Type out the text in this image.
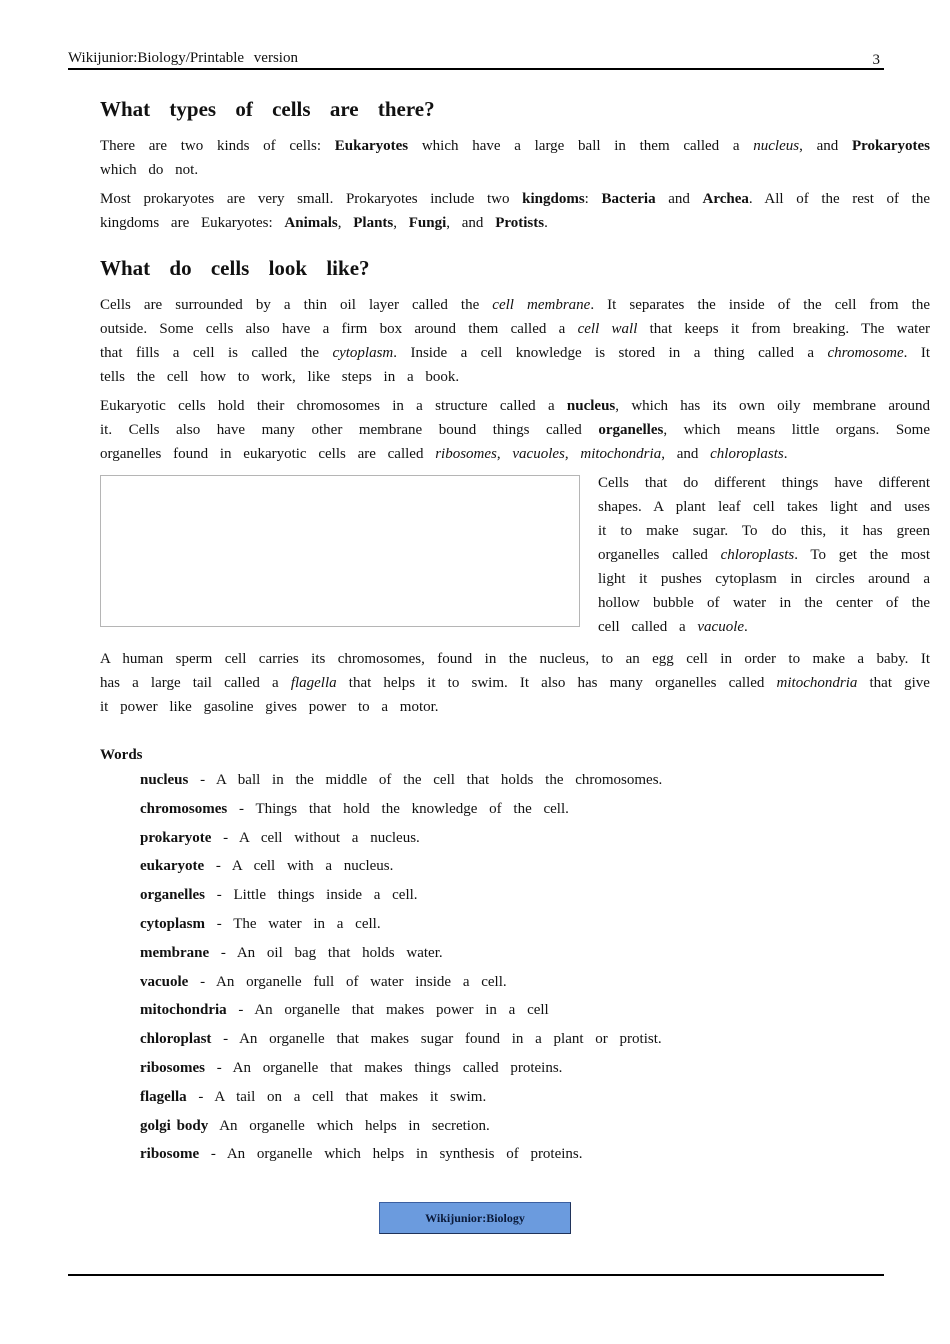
Wikijunior:Biology/Printable version	3
What types of cells are there?

There are two kinds of cells: Eukaryotes which have a large ball in them called a nucleus, and Prokaryotes which do not.

Most prokaryotes are very small. Prokaryotes include two kingdoms: Bacteria and Archea. All of the rest of the kingdoms are Eukaryotes: Animals, Plants, Fungi, and Protists.

What do cells look like?

Cells are surrounded by a thin oil layer called the cell membrane. It separates the inside of the cell from the outside. Some cells also have a firm box around them called a cell wall that keeps it from breaking. The water that fills a cell is called the cytoplasm. Inside a cell knowledge is stored in a thing called a chromosome. It tells the cell how to work, like steps in a book.

Eukaryotic cells hold their chromosomes in a structure called a nucleus, which has its own oily membrane around it. Cells also have many other membrane bound things called organelles, which means little organs. Some organelles found in eukaryotic cells are called ribosomes, vacuoles, mitochondria, and chloroplasts.

Cells that do different things have different shapes. A plant leaf cell takes light and uses it to make sugar. To do this, it has green organelles called chloroplasts. To get the most light it pushes cytoplasm in circles around a hollow bubble of water in the center of the cell called a vacuole.

A human sperm cell carries its chromosomes, found in the nucleus, to an egg cell in order to make a baby. It has a large tail called a flagella that helps it to swim. It also has many organelles called mitochondria that give it power like gasoline gives power to a motor.

Words
nucleus - A ball in the middle of the cell that holds the chromosomes.
chromosomes - Things that hold the knowledge of the cell.
prokaryote - A cell without a nucleus.
eukaryote - A cell with a nucleus.
organelles - Little things inside a cell.
cytoplasm - The water in a cell.
membrane - An oil bag that holds water.
vacuole - An organelle full of water inside a cell.
mitochondria - An organelle that makes power in a cell
chloroplast - An organelle that makes sugar found in a plant or protist.
ribosomes - An organelle that makes things called proteins.
flagella - A tail on a cell that makes it swim.
golgi body An organelle which helps in secretion.
ribosome - An organelle which helps in synthesis of proteins.
Wikijunior:Biology
